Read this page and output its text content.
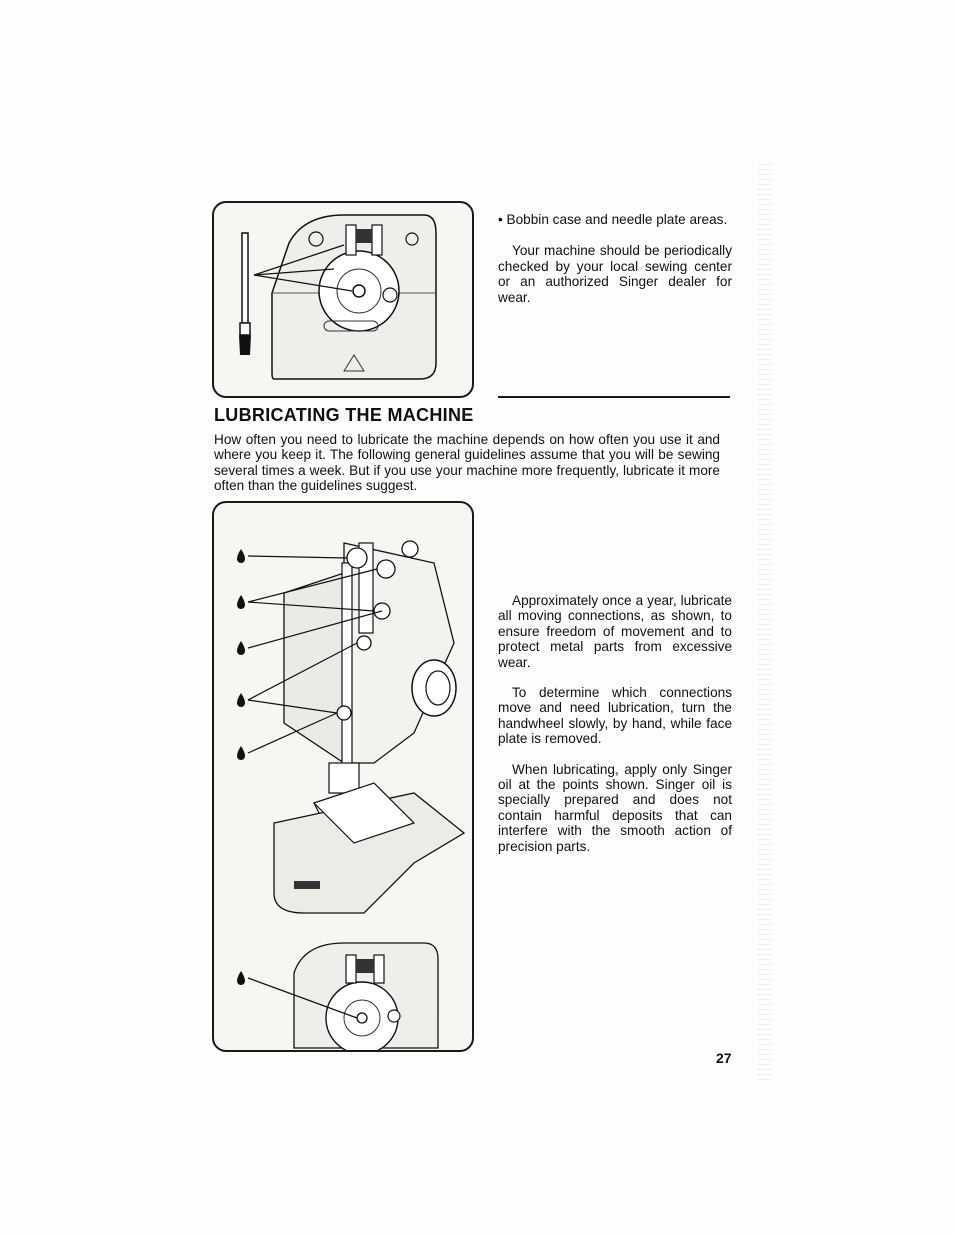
• Bobbin case and needle plate areas.

Your machine should be periodically checked by your local sewing center or an authorized Singer dealer for wear.

LUBRICATING THE MACHINE

How often you need to lubricate the machine depends on how often you use it and where you keep it. The following general guidelines assume that you will be sewing several times a week. But if you use your machine more frequently, lubricate it more often than the guidelines suggest.

Approximately once a year, lubricate all moving connections, as shown, to ensure freedom of movement and to protect metal parts from excessive wear.

To determine which connections move and need lubrication, turn the handwheel slowly, by hand, while face plate is removed.

When lubricating, apply only Singer oil at the points shown. Singer oil is specially prepared and does not contain harmful deposits that can interfere with the smooth action of precision parts.

27
